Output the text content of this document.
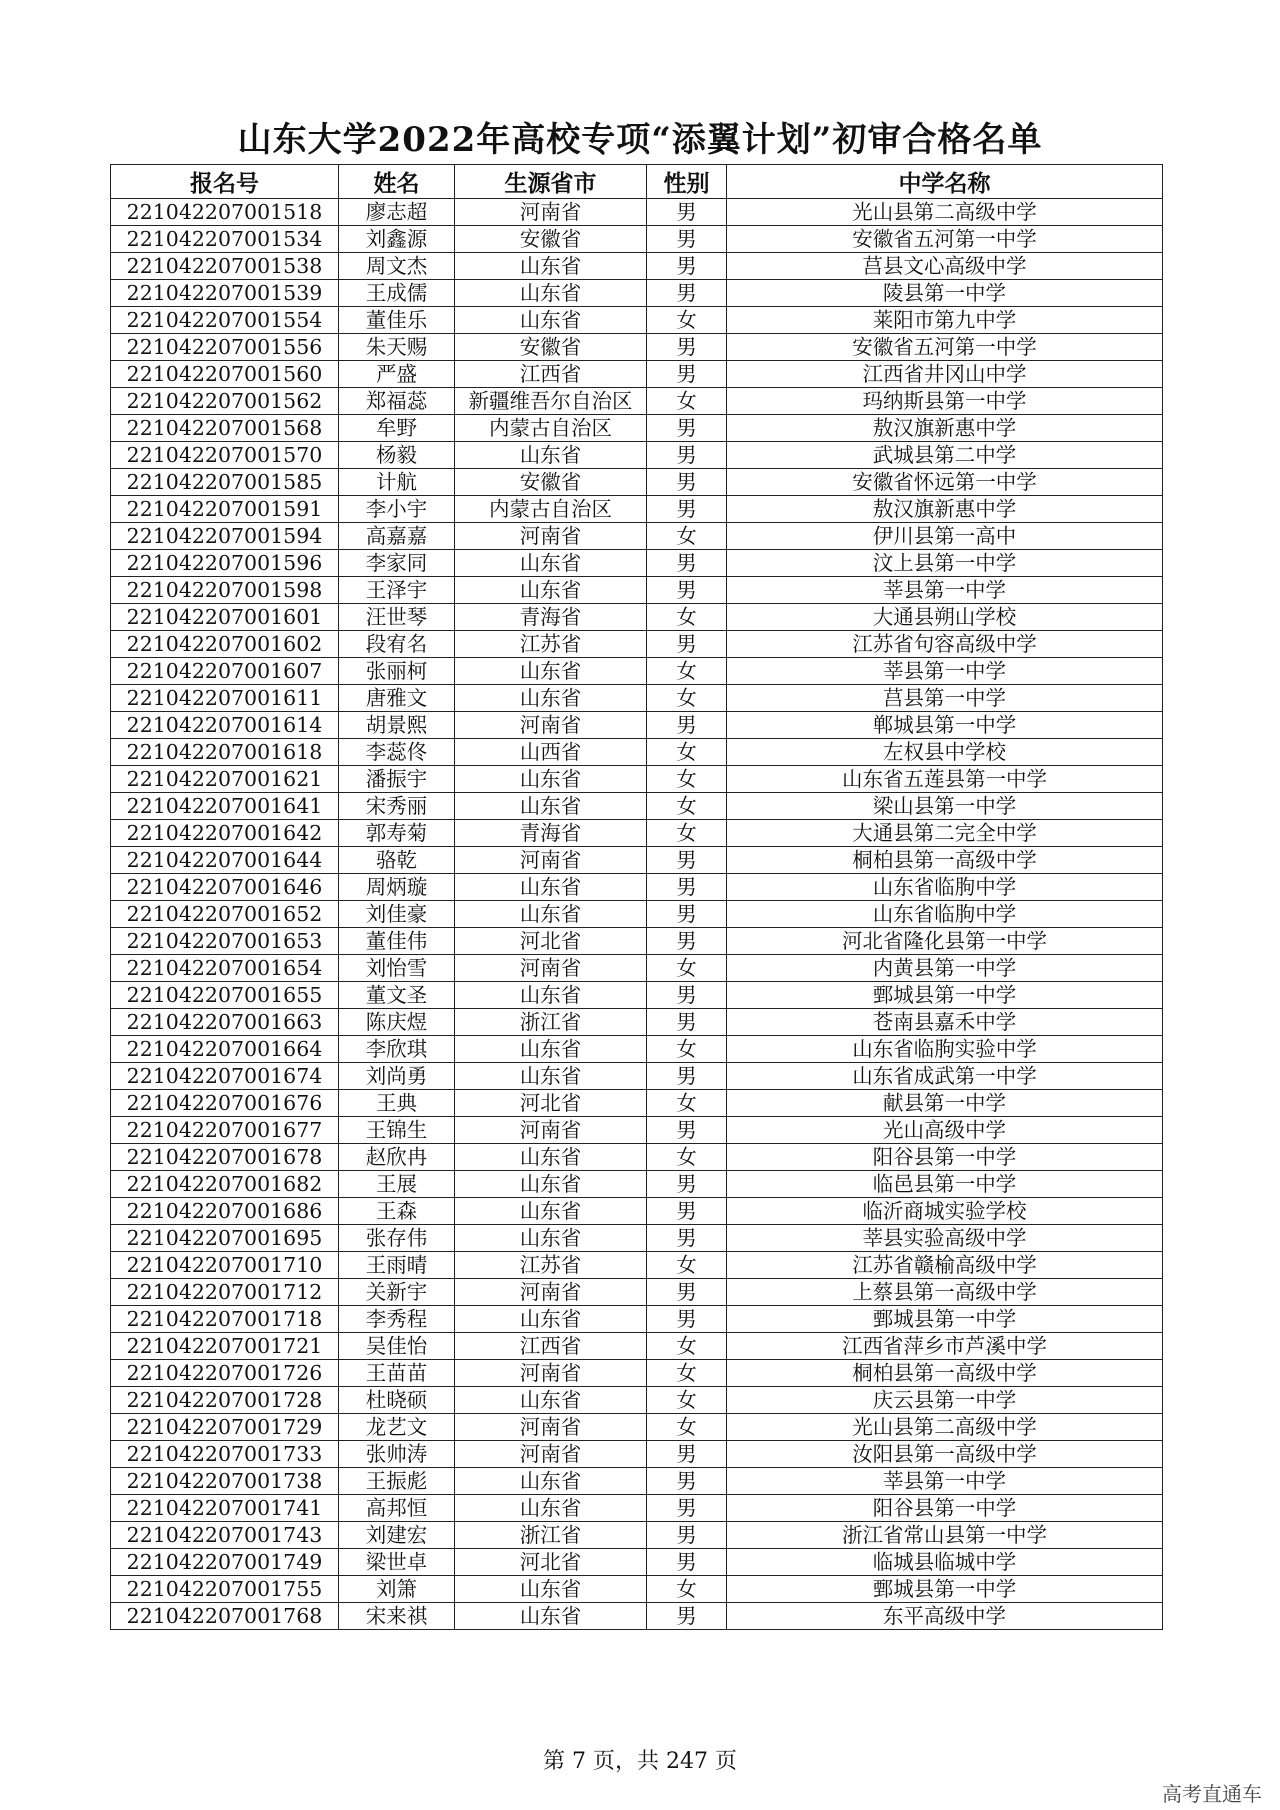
山东大学2022年高校专项“添翼计划”初审合格名单
报名号	姓名	生源省市	性别	中学名称
221042207001518	廖志超	河南省	男	光山县第二高级中学
221042207001534	刘鑫源	安徽省	男	安徽省五河第一中学
221042207001538	周文杰	山东省	男	莒县文心高级中学
221042207001539	王成儒	山东省	男	陵县第一中学
221042207001554	董佳乐	山东省	女	莱阳市第九中学
221042207001556	朱天赐	安徽省	男	安徽省五河第一中学
221042207001560	严盛	江西省	男	江西省井冈山中学
221042207001562	郑福蕊	新疆维吾尔自治区	女	玛纳斯县第一中学
221042207001568	牟野	内蒙古自治区	男	敖汉旗新惠中学
221042207001570	杨毅	山东省	男	武城县第二中学
221042207001585	计航	安徽省	男	安徽省怀远第一中学
221042207001591	李小宇	内蒙古自治区	男	敖汉旗新惠中学
221042207001594	高嘉嘉	河南省	女	伊川县第一高中
221042207001596	李家同	山东省	男	汶上县第一中学
221042207001598	王泽宇	山东省	男	莘县第一中学
221042207001601	汪世琴	青海省	女	大通县朔山学校
221042207001602	段宥名	江苏省	男	江苏省句容高级中学
221042207001607	张丽柯	山东省	女	莘县第一中学
221042207001611	唐雅文	山东省	女	莒县第一中学
221042207001614	胡景熙	河南省	男	郸城县第一中学
221042207001618	李蕊佟	山西省	女	左权县中学校
221042207001621	潘振宇	山东省	女	山东省五莲县第一中学
221042207001641	宋秀丽	山东省	女	梁山县第一中学
221042207001642	郭寿菊	青海省	女	大通县第二完全中学
221042207001644	骆乾	河南省	男	桐柏县第一高级中学
221042207001646	周炳璇	山东省	男	山东省临朐中学
221042207001652	刘佳豪	山东省	男	山东省临朐中学
221042207001653	董佳伟	河北省	男	河北省隆化县第一中学
221042207001654	刘怡雪	河南省	女	内黄县第一中学
221042207001655	董文圣	山东省	男	鄄城县第一中学
221042207001663	陈庆煜	浙江省	男	苍南县嘉禾中学
221042207001664	李欣琪	山东省	女	山东省临朐实验中学
221042207001674	刘尚勇	山东省	男	山东省成武第一中学
221042207001676	王典	河北省	女	献县第一中学
221042207001677	王锦生	河南省	男	光山高级中学
221042207001678	赵欣冉	山东省	女	阳谷县第一中学
221042207001682	王展	山东省	男	临邑县第一中学
221042207001686	王森	山东省	男	临沂商城实验学校
221042207001695	张存伟	山东省	男	莘县实验高级中学
221042207001710	王雨晴	江苏省	女	江苏省赣榆高级中学
221042207001712	关新宇	河南省	男	上蔡县第一高级中学
221042207001718	李秀程	山东省	男	鄄城县第一中学
221042207001721	吴佳怡	江西省	女	江西省萍乡市芦溪中学
221042207001726	王苗苗	河南省	女	桐柏县第一高级中学
221042207001728	杜晓硕	山东省	女	庆云县第一中学
221042207001729	龙艺文	河南省	女	光山县第二高级中学
221042207001733	张帅涛	河南省	男	汝阳县第一高级中学
221042207001738	王振彪	山东省	男	莘县第一中学
221042207001741	高邦恒	山东省	男	阳谷县第一中学
221042207001743	刘建宏	浙江省	男	浙江省常山县第一中学
221042207001749	梁世卓	河北省	男	临城县临城中学
221042207001755	刘箫	山东省	女	鄄城县第一中学
221042207001768	宋来祺	山东省	男	东平高级中学
第 7 页，共 247 页
高考直通车
